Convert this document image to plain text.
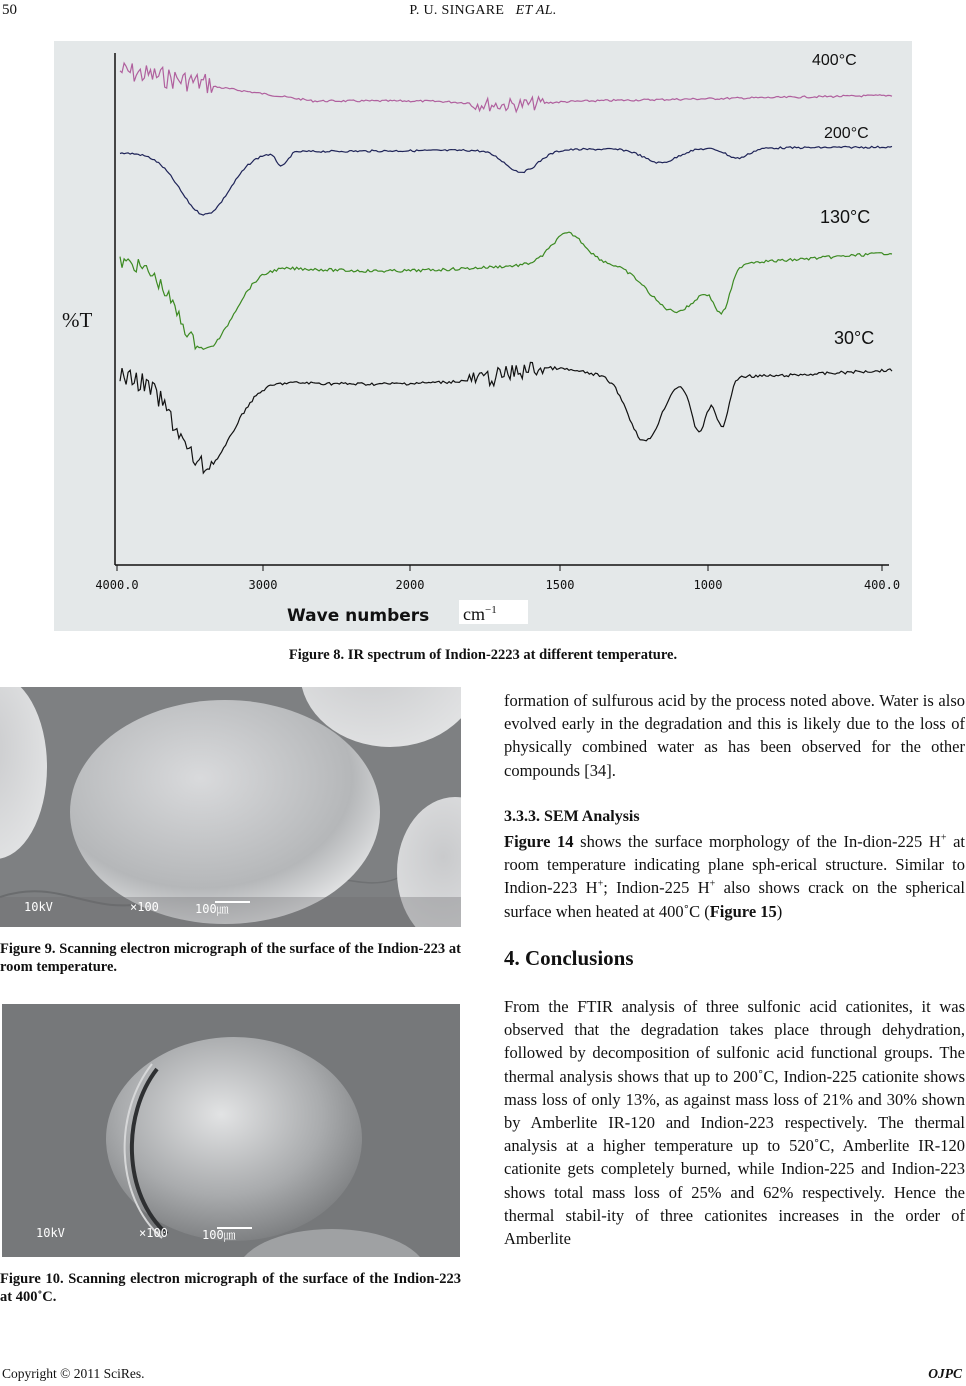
50	P. U. SINGARE ET AL.
4000.0	3000	2000	1500	1000	400.0
400°C
200°C
130°C
30°C
%T
Wave numbers $cm^{-1}$
Figure 8. IR spectrum of Indion-2223 at different temperature.
10kV	×100	100㎛
Figure 9. Scanning electron micrograph of the surface of the Indion-223 at room temperature.
10kV	×100	100㎛
Figure 10. Scanning electron micrograph of the surface of the Indion-223 at 400˚C.

formation of sulfurous acid by the process noted above. Water is also evolved early in the degradation and this is likely due to the loss of physically combined water as has been observed for the other compounds [34].

3.3.3. SEM Analysis

Figure 14 shows the surface morphology of the In-dion-225 H+ at room temperature indicating plane sph-erical structure. Similar to Indion-223 H+; Indion-225 H+ also shows crack on the spherical surface when heated at 400˚C (Figure 15)

4. Conclusions

From the FTIR analysis of three sulfonic acid cationites, it was observed that the degradation takes place through dehydration, followed by decomposition of sulfonic acid functional groups. The thermal analysis shows that up to 200˚C, Indion-225 cationite shows mass loss of only 13%, as against mass loss of 21% and 30% shown by Amberlite IR-120 and Indion-223 respectively. The thermal analysis at a higher temperature up to 520˚C, Amberlite IR-120 cationite gets completely burned, while Indion-225 and Indion-223 shows total mass loss of 25% and 62% respectively. Hence the thermal stabil-ity of three cationites increases in the order of Amberlite

Copyright © 2011 SciRes.	OJPC
